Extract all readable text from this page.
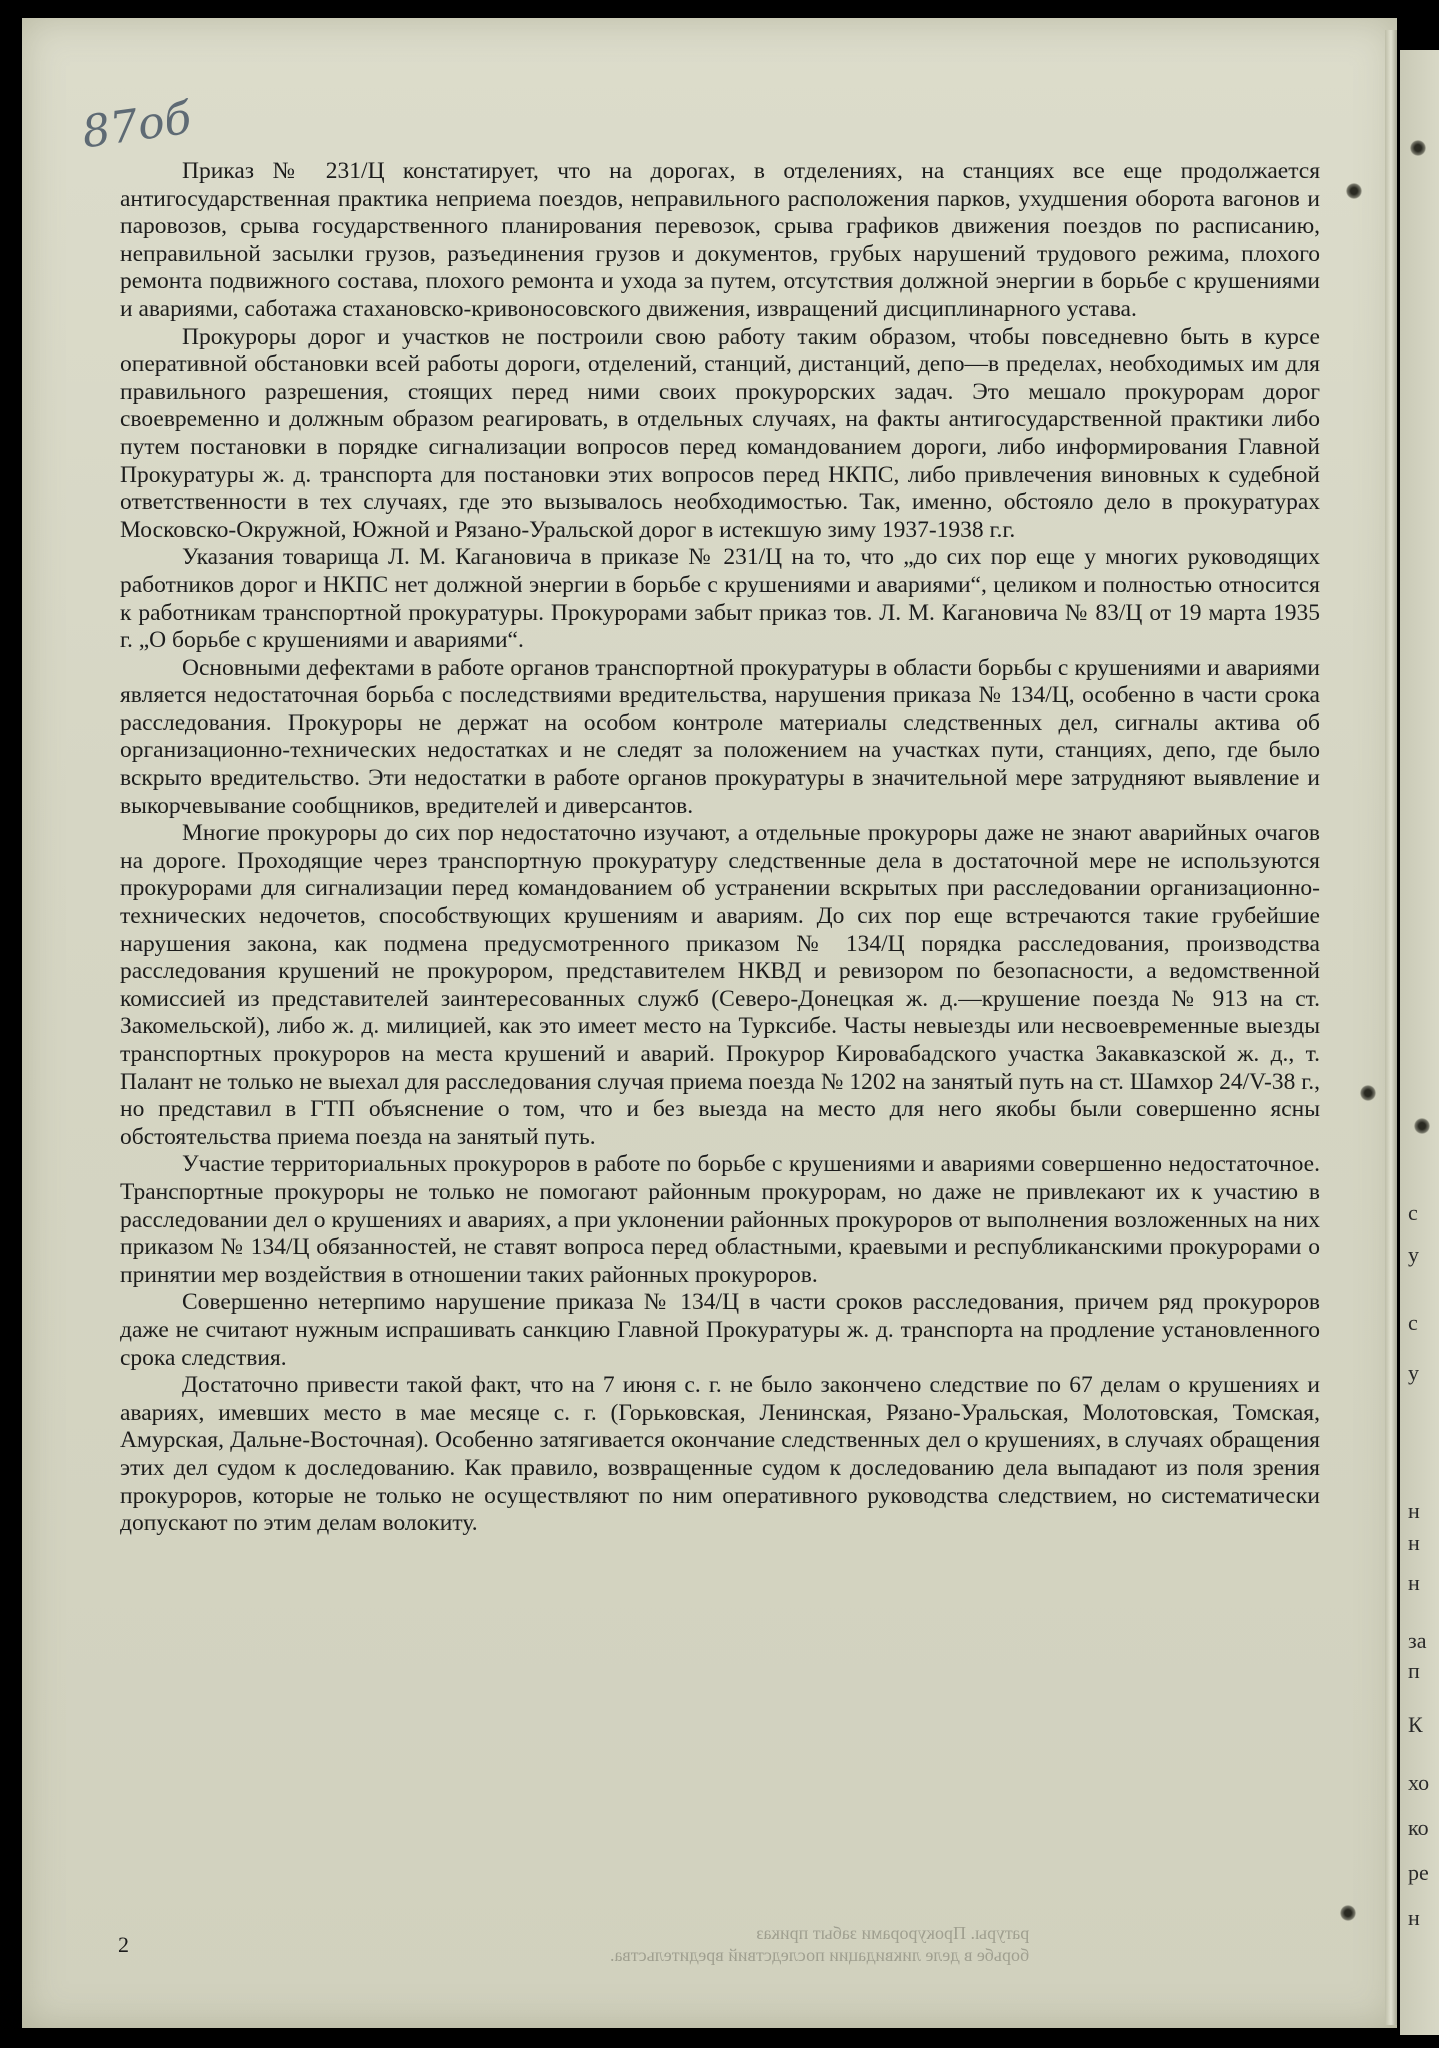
87об

Приказ № 231/Ц констатирует, что на дорогах, в отделениях, на станциях все еще продолжается антигосударственная практика неприема поездов, неправильного расположения парков, ухудшения оборота вагонов и паровозов, срыва государственного планирования перевозок, срыва графиков движения поездов по расписанию, неправильной засылки грузов, разъединения грузов и документов, грубых нарушений трудового режима, плохого ремонта подвижного состава, плохого ремонта и ухода за путем, отсутствия должной энергии в борьбе с крушениями и авариями, саботажа стахановско-кривоносовского движения, извращений дисциплинарного устава.

Прокуроры дорог и участков не построили свою работу таким образом, чтобы повседневно быть в курсе оперативной обстановки всей работы дороги, отделений, станций, дистанций, депо—в пределах, необходимых им для правильного разрешения, стоящих перед ними своих прокурорских задач. Это мешало прокурорам дорог своевременно и должным образом реагировать, в отдельных случаях, на факты антигосударственной практики либо путем постановки в порядке сигнализации вопросов перед командованием дороги, либо информирования Главной Прокуратуры ж. д. транспорта для постановки этих вопросов перед НКПС, либо привлечения виновных к судебной ответственности в тех случаях, где это вызывалось необходимостью. Так, именно, обстояло дело в прокуратурах Московско-Окружной, Южной и Рязано-Уральской дорог в истекшую зиму 1937-1938 г.г.

Указания товарища Л. М. Кагановича в приказе № 231/Ц на то, что „до сих пор еще у многих руководящих работников дорог и НКПС нет должной энергии в борьбе с крушениями и авариями“, целиком и полностью относится к работникам транспортной прокуратуры. Прокурорами забыт приказ тов. Л. М. Кагановича № 83/Ц от 19 марта 1935 г. „О борьбе с крушениями и авариями“.

Основными дефектами в работе органов транспортной прокуратуры в области борьбы с крушениями и авариями является недостаточная борьба с последствиями вредительства, нарушения приказа № 134/Ц, особенно в части срока расследования. Прокуроры не держат на особом контроле материалы следственных дел, сигналы актива об организационно-технических недостатках и не следят за положением на участках пути, станциях, депо, где было вскрыто вредительство. Эти недостатки в работе органов прокуратуры в значительной мере затрудняют выявление и выкорчевывание сообщников, вредителей и диверсантов.

Многие прокуроры до сих пор недостаточно изучают, а отдельные прокуроры даже не знают аварийных очагов на дороге. Проходящие через транспортную прокуратуру следственные дела в достаточной мере не используются прокурорами для сигнализации перед командованием об устранении вскрытых при расследовании организационно-технических недочетов, способствующих крушениям и авариям. До сих пор еще встречаются такие грубейшие нарушения закона, как подмена предусмотренного приказом № 134/Ц порядка расследования, производства расследования крушений не прокурором, представителем НКВД и ревизором по безопасности, а ведомственной комиссией из представителей заинтересованных служб (Северо-Донецкая ж. д.—крушение поезда № 913 на ст. Закомельской), либо ж. д. милицией, как это имеет место на Турксибе. Часты невыезды или несвоевременные выезды транспортных прокуроров на места крушений и аварий. Прокурор Кировабадского участка Закавказской ж. д., т. Палант не только не выехал для расследования случая приема поезда № 1202 на занятый путь на ст. Шамхор 24/V-38 г., но представил в ГТП объяснение о том, что и без выезда на место для него якобы были совершенно ясны обстоятельства приема поезда на занятый путь.

Участие территориальных прокуроров в работе по борьбе с крушениями и авариями совершенно недостаточное. Транспортные прокуроры не только не помогают районным прокурорам, но даже не привлекают их к участию в расследовании дел о крушениях и авариях, а при уклонении районных прокуроров от выполнения возложенных на них приказом № 134/Ц обязанностей, не ставят вопроса перед областными, краевыми и республиканскими прокурорами о принятии мер воздействия в отношении таких районных прокуроров.

Совершенно нетерпимо нарушение приказа № 134/Ц в части сроков расследования, причем ряд прокуроров даже не считают нужным испрашивать санкцию Главной Прокуратуры ж. д. транспорта на продление установленного срока следствия.

Достаточно привести такой факт, что на 7 июня с. г. не было закончено следствие по 67 делам о крушениях и авариях, имевших место в мае месяце с. г. (Горьковская, Ленинская, Рязано-Уральская, Молотовская, Томская, Амурская, Дальне-Восточная). Особенно затягивается окончание следственных дел о крушениях, в случаях обращения этих дел судом к доследованию. Как правило, возвращенные судом к доследованию дела выпадают из поля зрения прокуроров, которые не только не осуществляют по ним оперативного руководства следствием, но систематически допускают по этим делам волокиту.

ратуры. Прокурорами забыт приказ
борьбе в деле ликвидации последствий вредительства.
2
с
у
с
у
н
н
н
за
п
К
хо
ко
ре
н
